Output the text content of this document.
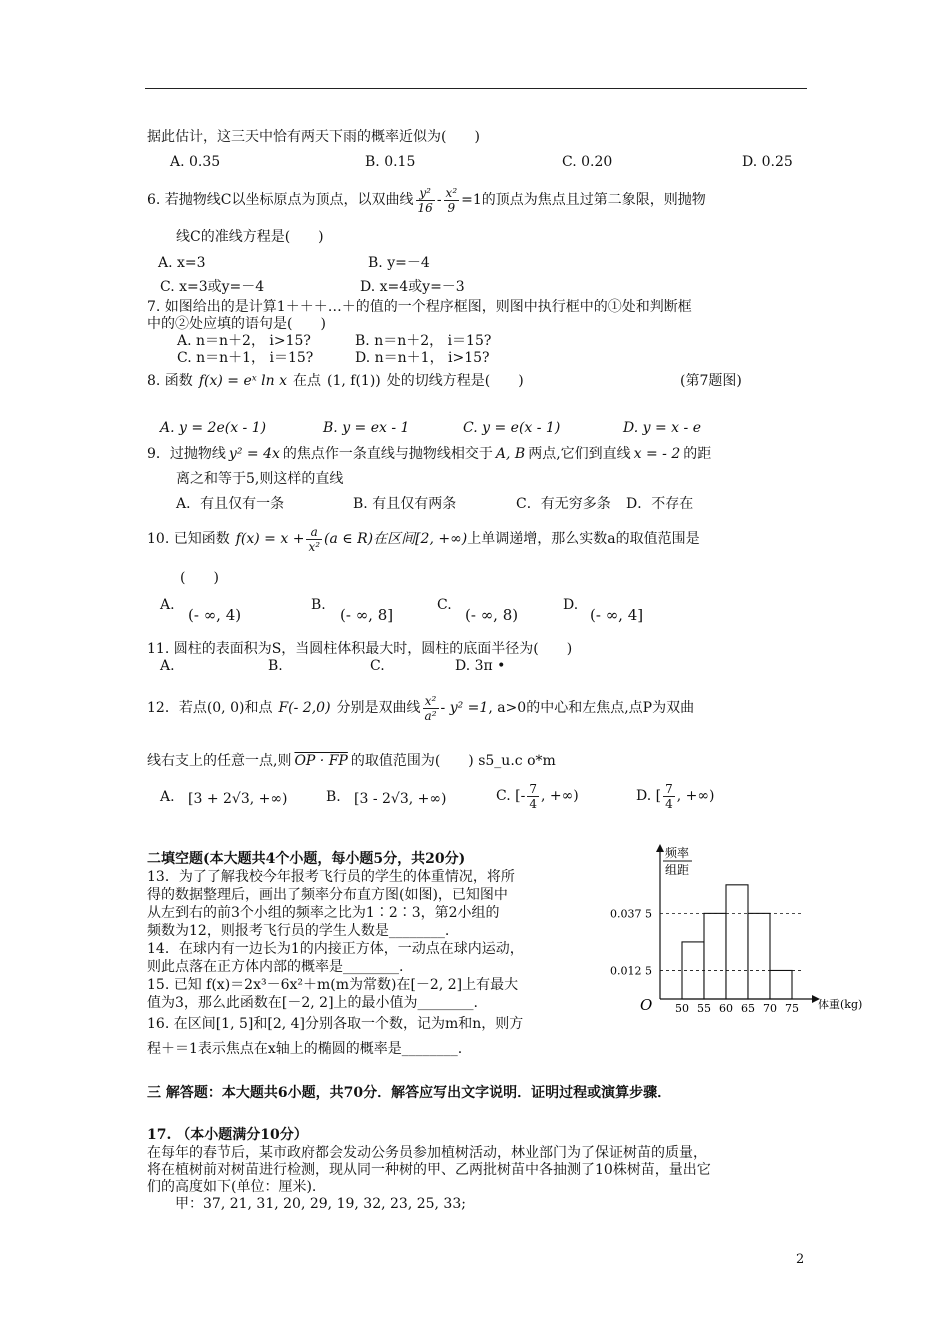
据此估计，这三天中恰有两天下雨的概率近似为(　　)
A. 0.35	B. 0.15	C. 0.20	D. 0.25
6. 若抛物线C以坐标原点为顶点，以双曲线 $\frac{\text{y²}}{16} - \frac{\text{x²}}{9} =1$的顶点为焦点且过第二象限，则抛物
线C的准线方程是(　　)
A. x=3	B. y=－4
C. x=3或y=－4	D. x=4或y=－3
7. 如图给出的是计算1＋＋＋…＋的值的一个程序框图，则图中执行框中的①处和判断框
中的②处应填的语句是(　　)
A. n＝n＋2， i>15?	B. n＝n＋2， i＝15?
C. n＝n＋1， i＝15?	D. n＝n＋1， i>15?
8. 函数 f(x) = eˣ ln x 在点 (1, f(1)) 处的切线方程是(　　)	(第7题图)
A. y = 2e(x - 1)	B. y = ex - 1	C. y = e(x - 1)	D. y = x - e
9．过抛物线 y² = 4x 的焦点作一条直线与抛物线相交于 A, B 两点,它们到直线 x = - 2 的距
离之和等于5,则这样的直线
A．有且仅有一条	B. 有且仅有两条	C．有无穷多条 D．不存在
10. 已知函数 $f(x) = x + \frac{a}{\text{x²}} (a$ ∈ R)在区间[2, +∞)上单调递增，那么实数a的取值范围是
(　　)
A.
(- ∞, 4)
B.
(- ∞, 8]
C.
(- ∞, 8)
D.
(- ∞, 4]
11. 圆柱的表面积为S，当圆柱体积最大时，圆柱的底面半径为(　　)
A.	B.	C.	D. 3π •
12．若点(0, 0)和点 F(- 2,0) 分别是双曲线 $\frac{\text{x²}}{\text{a²}} - y^2 =1$, a>0的中心和左焦点,点P为双曲
线右支上的任意一点,则 OP · FP 的取值范围为(　　) s5_u.c o*m
A. [3 + 2√3, +∞)	B. [3 - 2√3, +∞)	C. [- $\frac{7}{4}$ , +∞)	D. [ $\frac{7}{4}$ , +∞)
二填空题(本大题共4个小题，每小题5分，共20分)
13．为了了解我校今年报考飞行员的学生的体重情况，将所
得的数据整理后，画出了频率分布直方图(如图)，已知图中
从左到右的前3个小组的频率之比为1∶2∶3，第2小组的
频数为12，则报考飞行员的学生人数是________.
14．在球内有一边长为1的内接正方体，一动点在球内运动，
则此点落在正方体内部的概率是________.
15. 已知 f(x)＝2x³－6x²＋m(m为常数)在[－2, 2]上有最大
值为3，那么此函数在[－2, 2]上的最小值为________.
16. 在区间[1, 5]和[2, 4]分别各取一个数，记为m和n，则方
程＋＝1表示焦点在x轴上的椭圆的概率是________.
频率
组距
O	体重(kg)
50 55 60 65 70 75
0.037 5
0.012 5
三 解答题：本大题共6小题，共70分．解答应写出文字说明．证明过程或演算步骤．
17. （本小题满分10分）
在每年的春节后，某市政府都会发动公务员参加植树活动，林业部门为了保证树苗的质量，
将在植树前对树苗进行检测，现从同一种树的甲、乙两批树苗中各抽测了10株树苗，量出它
们的高度如下(单位：厘米).
甲：37, 21, 31, 20, 29, 19, 32, 23, 25, 33;
2
